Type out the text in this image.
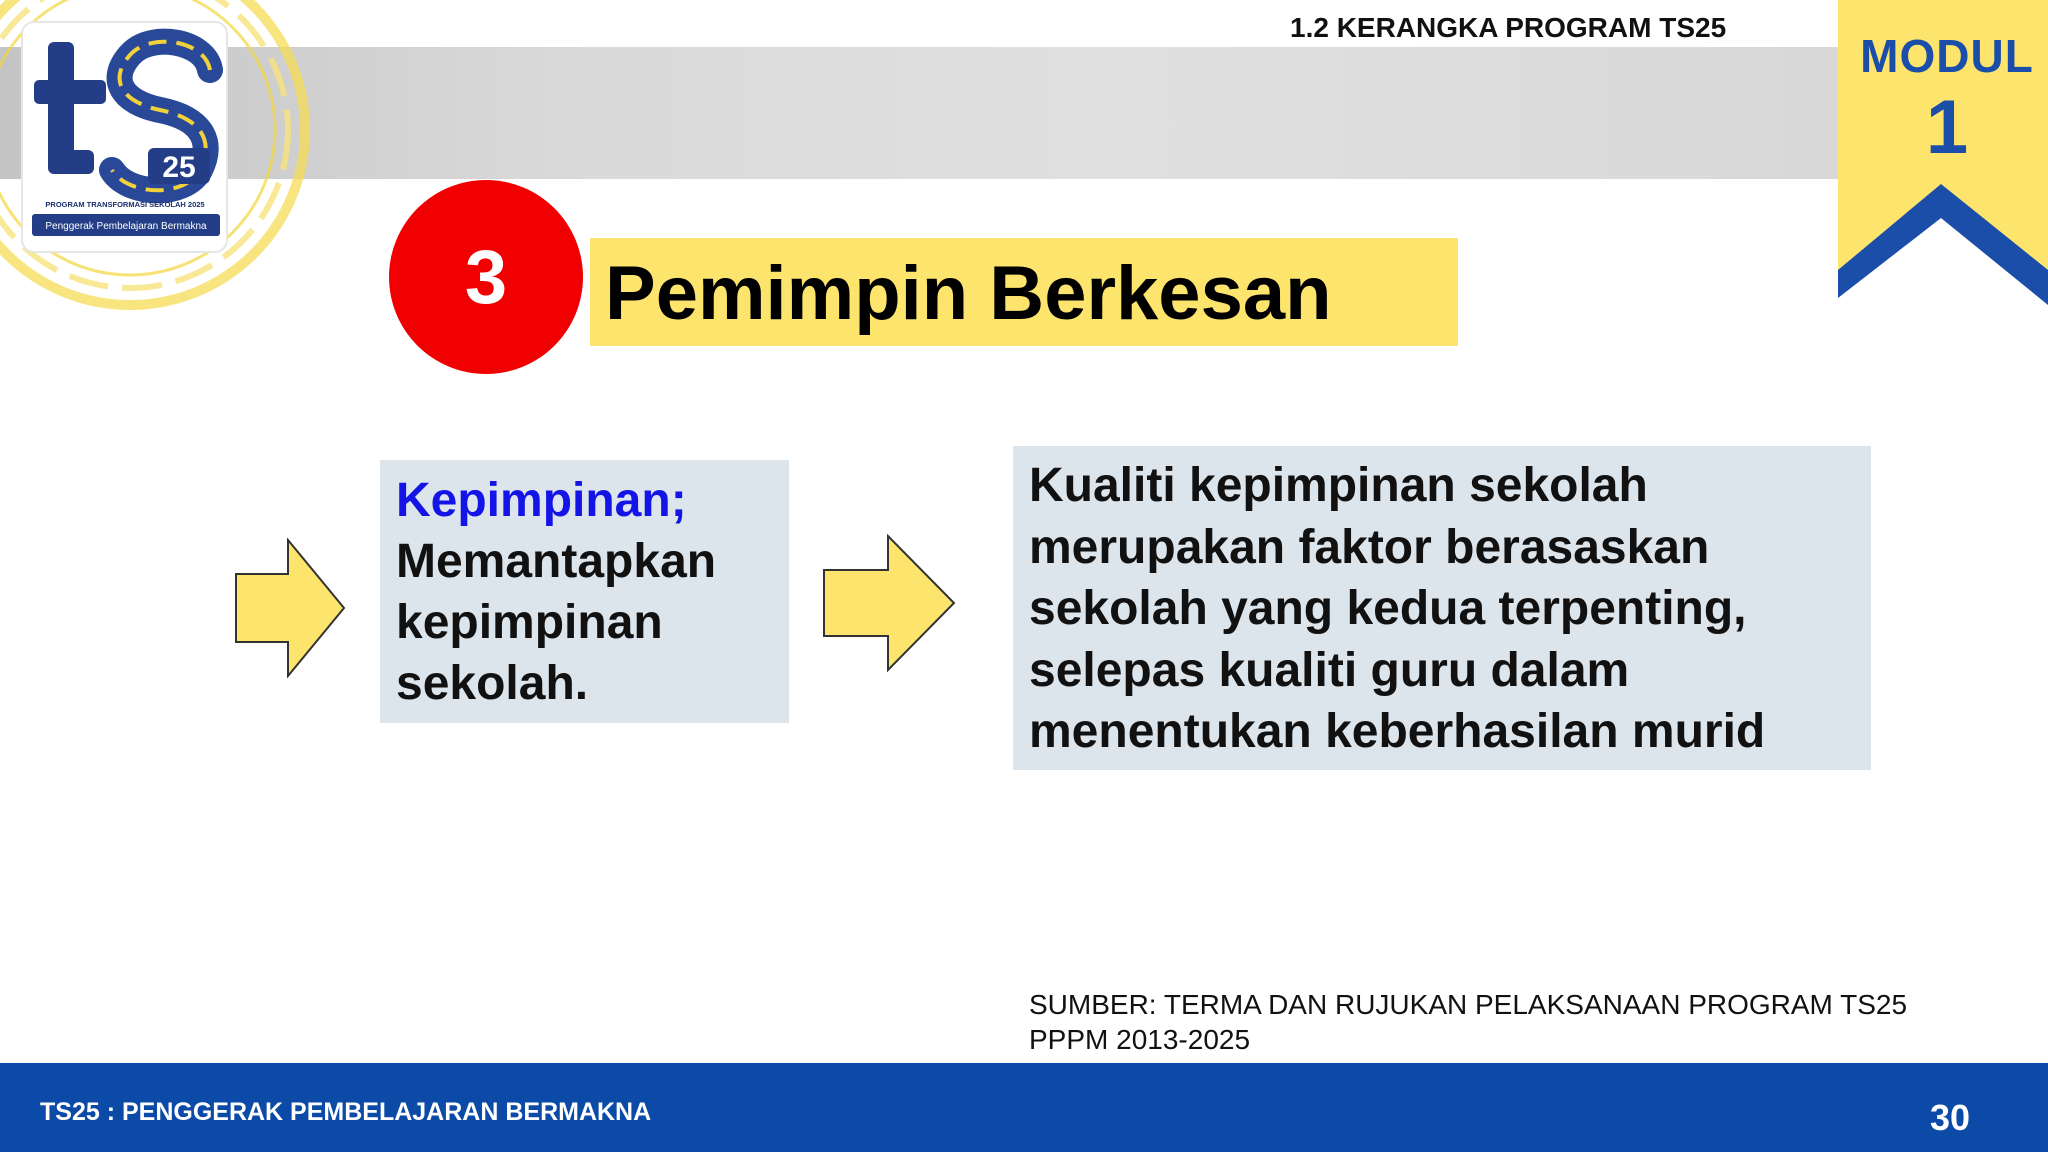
1.2 KERANGKA PROGRAM TS25
25
PROGRAM TRANSFORMASI SEKOLAH 2025
Penggerak Pembelajaran Bermakna
MODUL
1
3	Pemimpin Berkesan
Kepimpinan;
Memantapkan
kepimpinan
sekolah.
Kualiti kepimpinan sekolah
merupakan faktor berasaskan
sekolah yang kedua terpenting,
selepas kualiti guru dalam
menentukan keberhasilan murid
SUMBER: TERMA DAN RUJUKAN PELAKSANAAN PROGRAM TS25
PPPM 2013-2025
TS25 : PENGGERAK PEMBELAJARAN BERMAKNA	30
